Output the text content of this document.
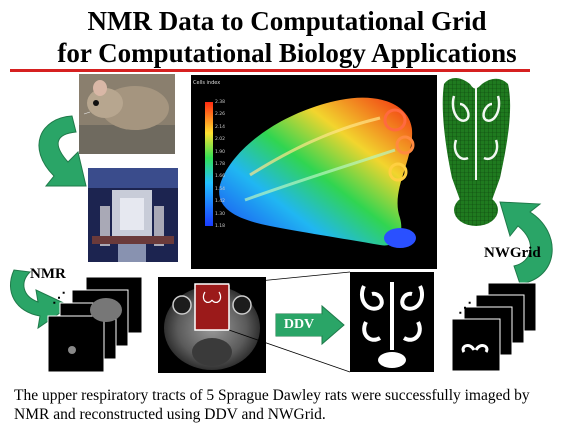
NMR Data to Computational Grid
for Computational Biology Applications
⋰
⋰
Cells index
2.38
2.26
2.14
2.02
1.90
1.78
1.66
1.54
1.42
1.30
1.18
NMR
DDV
NWGrid
The upper respiratory tracts of 5 Sprague Dawley rats were successfully imaged by NMR and reconstructed using DDV and NWGrid.
